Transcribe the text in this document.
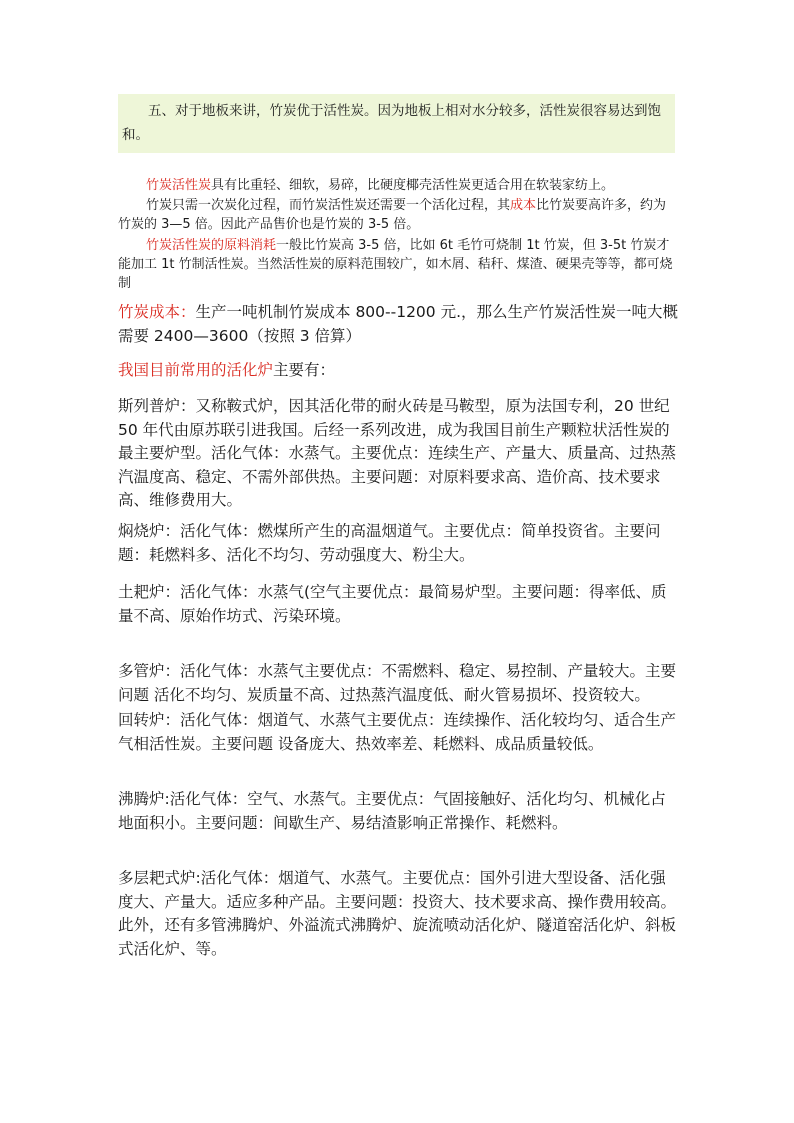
五、对于地板来讲，竹炭优于活性炭。因为地板上相对水分较多，活性炭很容易达到饱和。
竹炭活性炭具有比重轻、细软，易碎，比硬度椰壳活性炭更适合用在软装家纺上。
竹炭只需一次炭化过程，而竹炭活性炭还需要一个活化过程，其成本比竹炭要高许多，约为竹炭的 3—5 倍。因此产品售价也是竹炭的 3-5 倍。
竹炭活性炭的原料消耗一般比竹炭高 3-5 倍，比如 6t 毛竹可烧制 1t 竹炭，但 3-5t 竹炭才能加工 1t 竹制活性炭。当然活性炭的原料范围较广，如木屑、秸秆、煤渣、硬果壳等等，都可烧制
竹炭成本：生产一吨机制竹炭成本 800--1200 元.，那么生产竹炭活性炭一吨大概需要 2400—3600（按照 3 倍算）
我国目前常用的活化炉主要有：

斯列普炉：又称鞍式炉，因其活化带的耐火砖是马鞍型，原为法国专利，20 世纪 50 年代由原苏联引进我国。后经一系列改进，成为我国目前生产颗粒状活性炭的最主要炉型。活化气体：水蒸气。主要优点：连续生产、产量大、质量高、过热蒸汽温度高、稳定、不需外部供热。主要问题：对原料要求高、造价高、技术要求高、维修费用大。

焖烧炉：活化气体：燃煤所产生的高温烟道气。主要优点：简单投资省。主要问题：耗燃料多、活化不均匀、劳动强度大、粉尘大。

土耙炉：活化气体：水蒸气(空气主要优点：最简易炉型。主要问题：得率低、质量不高、原始作坊式、污染环境。

多管炉：活化气体：水蒸气主要优点：不需燃料、稳定、易控制、产量较大。主要问题 活化不均匀、炭质量不高、过热蒸汽温度低、耐火管易损坏、投资较大。

回转炉：活化气体：烟道气、水蒸气主要优点：连续操作、活化较均匀、适合生产气相活性炭。主要问题 设备庞大、热效率差、耗燃料、成品质量较低。

沸腾炉:活化气体：空气、水蒸气。主要优点：气固接触好、活化均匀、机械化占地面积小。主要问题：间歇生产、易结渣影响正常操作、耗燃料。

多层耙式炉:活化气体：烟道气、水蒸气。主要优点：国外引进大型设备、活化强度大、产量大。适应多种产品。主要问题：投资大、技术要求高、操作费用较高。此外，还有多管沸腾炉、外溢流式沸腾炉、旋流喷动活化炉、隧道窑活化炉、斜板式活化炉、等。
